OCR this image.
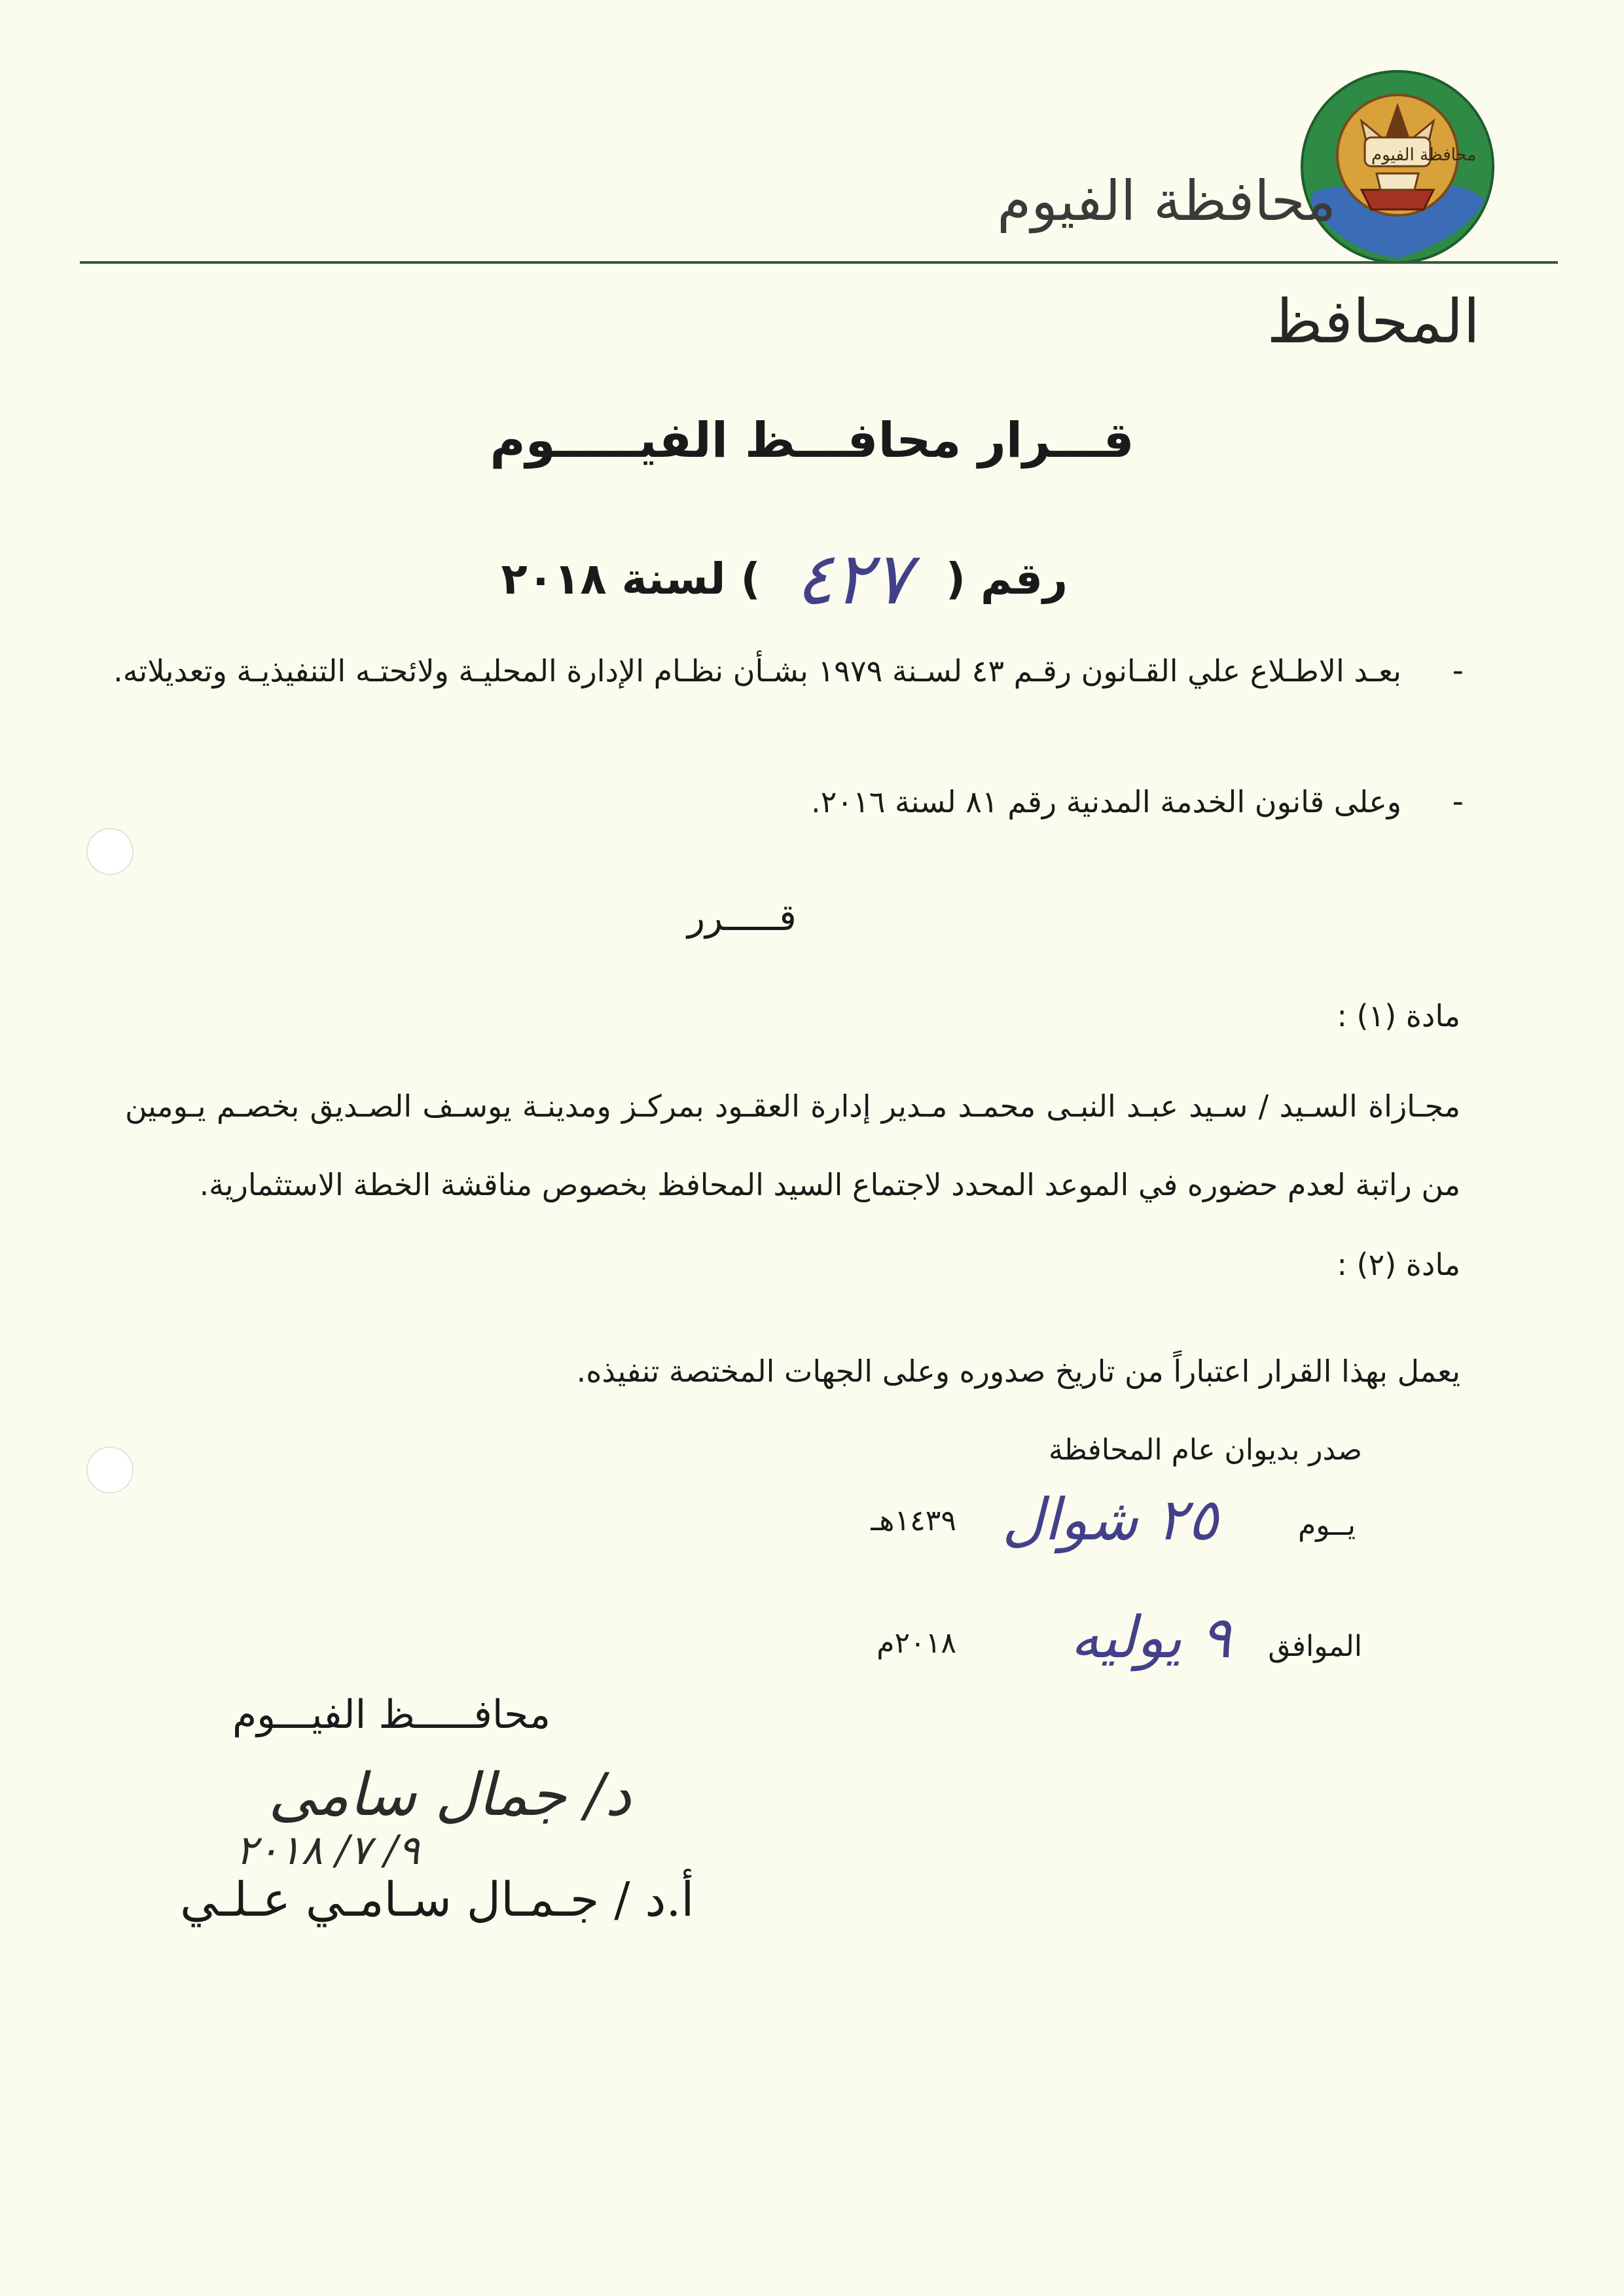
محافظة الفيوم
محافظة الفيوم
المحافظ
قـــرار محافـــظ الفيـــــوم
رقم ( ٤٢٧ ) لسنة ٢٠١٨
-
بعـد الاطـلاع علي القـانون رقـم ٤٣ لسـنة ١٩٧٩ بشـأن نظـام الإدارة المحليـة ولائحتـه التنفيذيـة وتعديلاته.
-
وعلى قانون الخدمة المدنية رقم ٨١ لسنة ٢٠١٦.
قـــــرر
مادة (١) :
مجـازاة السـيد / سـيد عبـد النبـى محمـد مـدير إدارة العقـود بمركـز ومدينـة يوسـف الصـديق بخصـم يـومين من راتبة لعدم حضوره في الموعد المحدد لاجتماع السيد المحافظ بخصوص مناقشة الخطة الاستثمارية.
مادة (٢) :
يعمل بهذا القرار اعتباراً من تاريخ صدوره وعلى الجهات المختصة تنفيذه.
صدر بديوان عام المحافظة
يــوم
٢٥ شوال
١٤٣٩هـ
الموافق
٩ يوليه
٢٠١٨م
محافـــــظ الفيـــوم
د/ جمال سامى
٩/ ٧/ ٢٠١٨
أ.د / جـمـال سـامـي عـلـي
